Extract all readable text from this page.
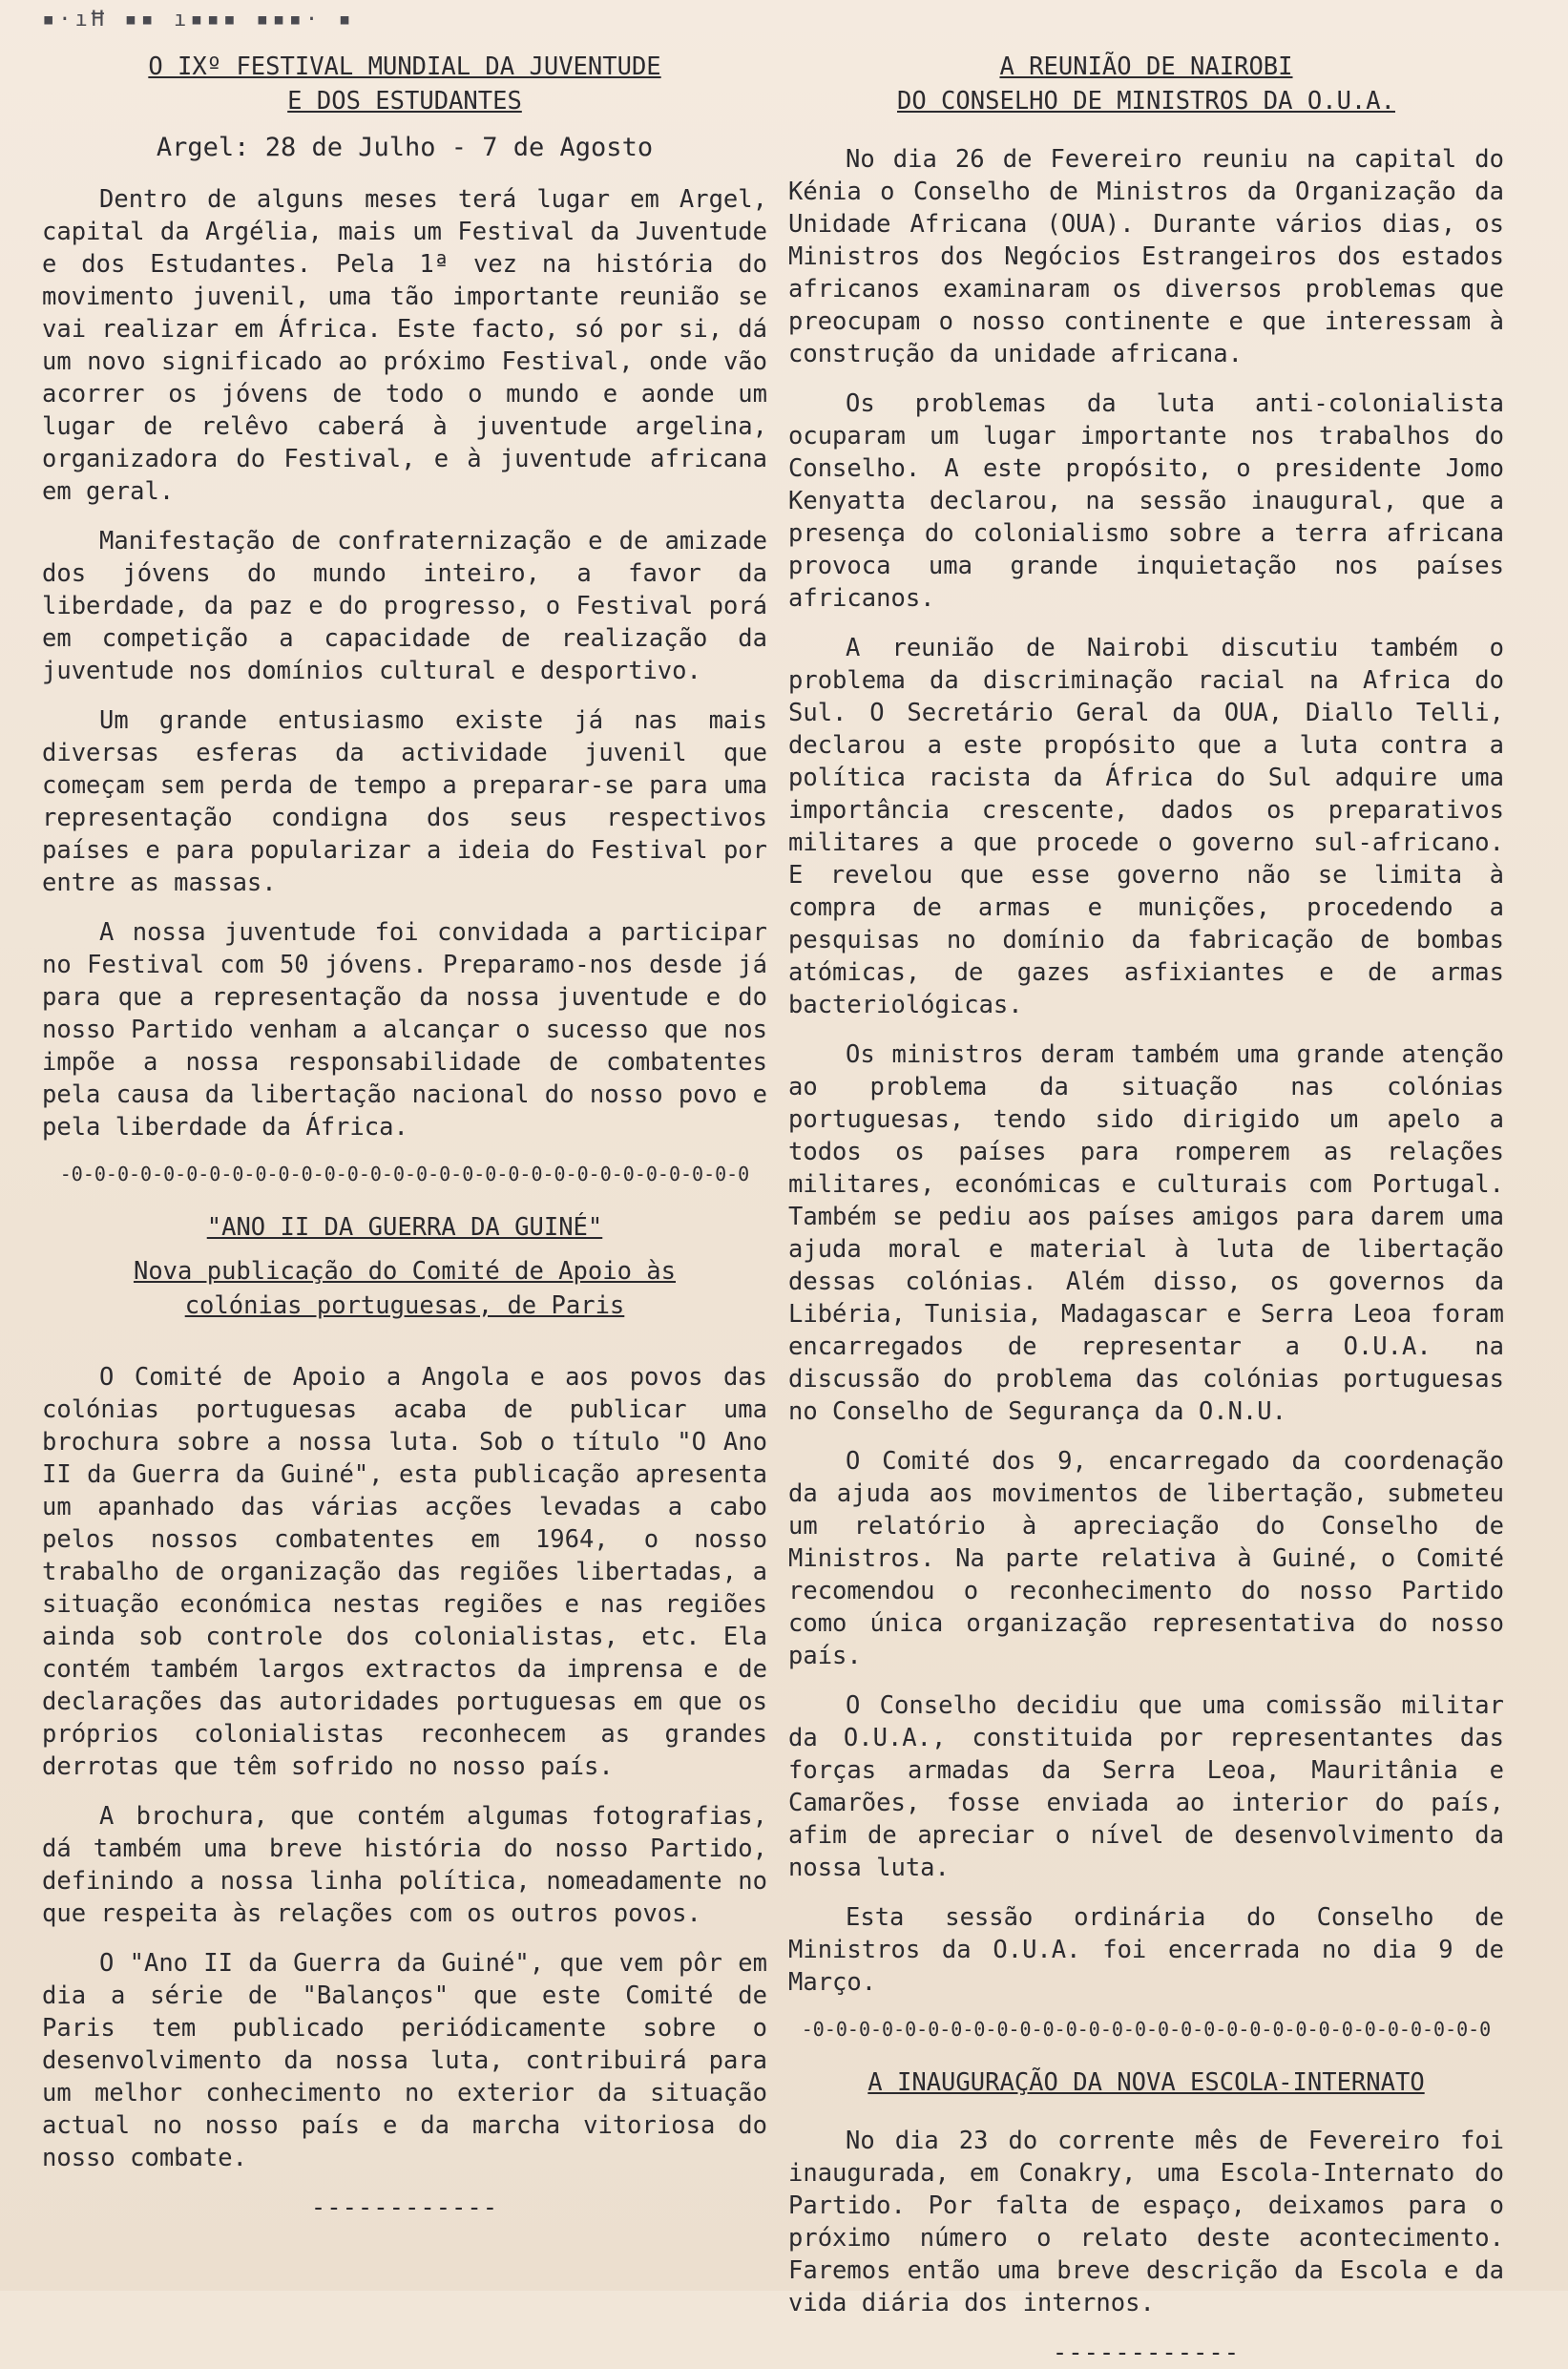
▪·ıĦ ▪▪ ı▪▪▪ ▪▪▪· ▪
O IXº FESTIVAL MUNDIAL DA JUVENTUDE
E DOS ESTUDANTES
Argel: 28 de Julho - 7 de Agosto

Dentro de alguns meses terá lugar em Argel, capital da Argélia, mais um Festival da Juventude e dos Estudantes. Pela 1ª vez na história do movimento juvenil, uma tão importante reunião se vai realizar em África. Este facto, só por si, dá um novo significado ao próximo Festival, onde vão acorrer os jóvens de todo o mundo e aonde um lugar de relêvo caberá à juventude argelina, organizadora do Festival, e à juventude africana em geral.

Manifestação de confraternização e de amizade dos jóvens do mundo inteiro, a favor da liberdade, da paz e do progresso, o Festival porá em competição a capacidade de realização da juventude nos domínios cultural e desportivo.

Um grande entusiasmo existe já nas mais diversas esferas da actividade juvenil que começam sem perda de tempo a preparar-se para uma representação condigna dos seus respectivos países e para popularizar a ideia do Festival por entre as massas.

A nossa juventude foi convidada a participar no Festival com 50 jóvens. Preparamo-nos desde já para que a representação da nossa juventude e do nosso Partido venham a alcançar o sucesso que nos impõe a nossa responsabilidade de combatentes pela causa da libertação nacional do nosso povo e pela liberdade da África.

-0-0-0-0-0-0-0-0-0-0-0-0-0-0-0-0-0-0-0-0-0-0-0-0-0-0-0-0-0-0
"ANO II DA GUERRA DA GUINÉ"
Nova publicação do Comité de Apoio às
colónias portuguesas, de Paris

O Comité de Apoio a Angola e aos povos das colónias portuguesas acaba de publicar uma brochura sobre a nossa luta. Sob o título "O Ano II da Guerra da Guiné", esta publicação apresenta um apanhado das várias acções levadas a cabo pelos nossos combatentes em 1964, o nosso trabalho de organização das regiões libertadas, a situação económica nestas regiões e nas regiões ainda sob controle dos colonialistas, etc. Ela contém também largos extractos da imprensa e de declarações das autoridades portuguesas em que os próprios colonialistas reconhecem as grandes derrotas que têm sofrido no nosso país.

A brochura, que contém algumas fotografias, dá também uma breve história do nosso Partido, definindo a nossa linha política, nomeadamente no que respeita às relações com os outros povos.

O "Ano II da Guerra da Guiné", que vem pôr em dia a série de "Balanços" que este Comité de Paris tem publicado periódicamente sobre o desenvolvimento da nossa luta, contribuirá para um melhor conhecimento no exterior da situação actual no nosso país e da marcha vitoriosa do nosso combate.

------------
A REUNIÃO DE NAIROBI
DO CONSELHO DE MINISTROS DA O.U.A.

No dia 26 de Fevereiro reuniu na capital do Kénia o Conselho de Ministros da Organização da Unidade Africana (OUA). Durante vários dias, os Ministros dos Negócios Estrangeiros dos estados africanos examinaram os diversos problemas que preocupam o nosso continente e que interessam à construção da unidade africana.

Os problemas da luta anti-colonialista ocuparam um lugar importante nos trabalhos do Conselho. A este propósito, o presidente Jomo Kenyatta declarou, na sessão inaugural, que a presença do colonialismo sobre a terra africana provoca uma grande inquietação nos países africanos.

A reunião de Nairobi discutiu também o problema da discriminação racial na Africa do Sul. O Secretário Geral da OUA, Diallo Telli, declarou a este propósito que a luta contra a política racista da África do Sul adquire uma importância crescente, dados os preparativos militares a que procede o governo sul-africano. E revelou que esse governo não se limita à compra de armas e munições, procedendo a pesquisas no domínio da fabricação de bombas atómicas, de gazes asfixiantes e de armas bacteriológicas.

Os ministros deram também uma grande atenção ao problema da situação nas colónias portuguesas, tendo sido dirigido um apelo a todos os países para romperem as relações militares, económicas e culturais com Portugal. Também se pediu aos países amigos para darem uma ajuda moral e material à luta de libertação dessas colónias. Além disso, os governos da Libéria, Tunisia, Madagascar e Serra Leoa foram encarregados de representar a O.U.A. na discussão do problema das colónias portuguesas no Conselho de Segurança da O.N.U.

O Comité dos 9, encarregado da coordenação da ajuda aos movimentos de libertação, submeteu um relatório à apreciação do Conselho de Ministros. Na parte relativa à Guiné, o Comité recomendou o reconhecimento do nosso Partido como única organização representativa do nosso país.

O Conselho decidiu que uma comissão militar da O.U.A., constituida por representantes das forças armadas da Serra Leoa, Mauritânia e Camarões, fosse enviada ao interior do país, afim de apreciar o nível de desenvolvimento da nossa luta.

Esta sessão ordinária do Conselho de Ministros da O.U.A. foi encerrada no dia 9 de Março.

-0-0-0-0-0-0-0-0-0-0-0-0-0-0-0-0-0-0-0-0-0-0-0-0-0-0-0-0-0-0
A INAUGURAÇÃO DA NOVA ESCOLA-INTERNATO

No dia 23 do corrente mês de Fevereiro foi inaugurada, em Conakry, uma Escola-Internato do Partido. Por falta de espaço, deixamos para o próximo número o relato deste acontecimento. Faremos então uma breve descrição da Escola e da vida diária dos internos.

------------
